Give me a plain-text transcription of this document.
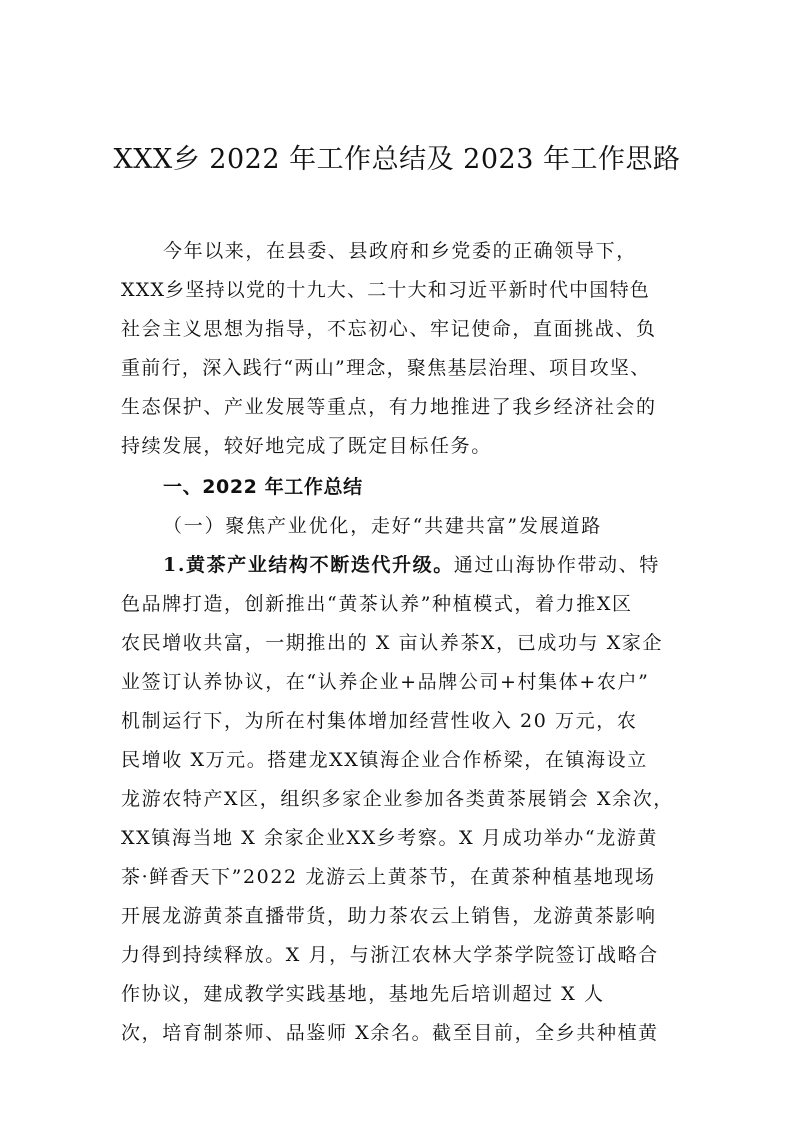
XXX乡 2022 年工作总结及 2023 年工作思路
今年以来，在县委、县政府和乡党委的正确领导下，
XXX乡坚持以党的十九大、二十大和习近平新时代中国特色
社会主义思想为指导，不忘初心、牢记使命，直面挑战、负
重前行，深入践行“两山”理念，聚焦基层治理、项目攻坚、
生态保护、产业发展等重点，有力地推进了我乡经济社会的
持续发展，较好地完成了既定目标任务。
一、2022 年工作总结
（一）聚焦产业优化，走好“共建共富”发展道路
1.黄茶产业结构不断迭代升级。通过山海协作带动、特
色品牌打造，创新推出“黄茶认养”种植模式，着力推X区
农民增收共富，一期推出的 X 亩认养茶X，已成功与 X家企
业签订认养协议，在“认养企业+品牌公司+村集体+农户”
机制运行下，为所在村集体增加经营性收入 20 万元，农
民增收 X万元。搭建龙XX镇海企业合作桥梁，在镇海设立
龙游农特产X区，组织多家企业参加各类黄茶展销会 X余次，
XX镇海当地 X 余家企业XX乡考察。X 月成功举办“龙游黄
茶·鲜香天下”2022 龙游云上黄茶节，在黄茶种植基地现场
开展龙游黄茶直播带货，助力茶农云上销售，龙游黄茶影响
力得到持续释放。X 月，与浙江农林大学茶学院签订战略合
作协议，建成教学实践基地，基地先后培训超过 X 人
次，培育制茶师、品鉴师 X余名。截至目前，全乡共种植黄
